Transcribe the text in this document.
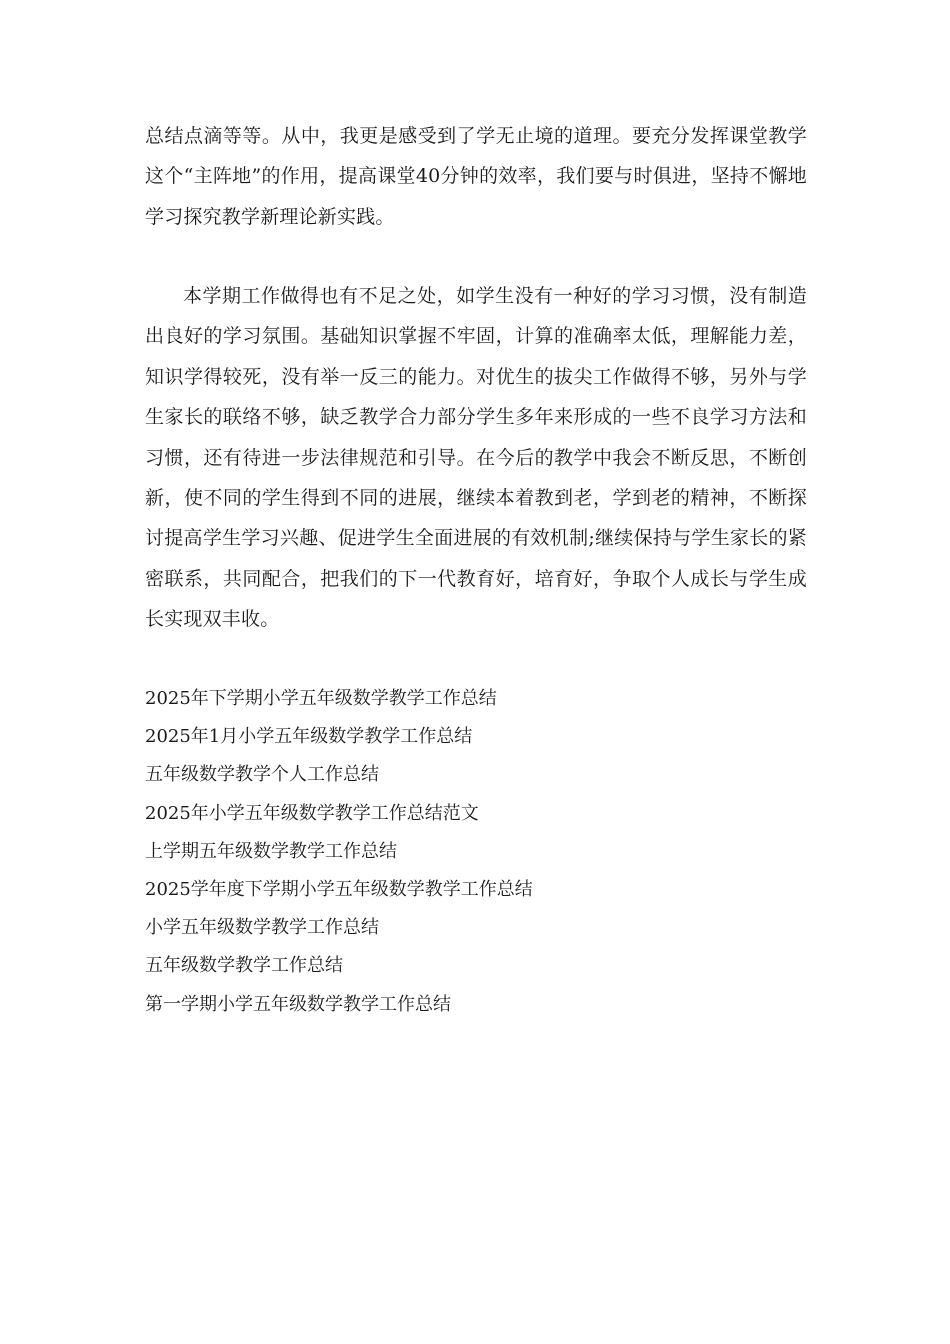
总结点滴等等。从中，我更是感受到了学无止境的道理。要充分发挥课堂教学这个“主阵地”的作用，提高课堂40分钟的效率，我们要与时俱进，坚持不懈地学习探究教学新理论新实践。

本学期工作做得也有不足之处，如学生没有一种好的学习习惯，没有制造出良好的学习氛围。基础知识掌握不牢固，计算的准确率太低，理解能力差，知识学得较死，没有举一反三的能力。对优生的拔尖工作做得不够，另外与学生家长的联络不够，缺乏教学合力部分学生多年来形成的一些不良学习方法和习惯，还有待进一步法律规范和引导。在今后的教学中我会不断反思，不断创新，使不同的学生得到不同的进展，继续本着教到老，学到老的精神，不断探讨提高学生学习兴趣、促进学生全面进展的有效机制;继续保持与学生家长的紧密联系，共同配合，把我们的下一代教育好，培育好，争取个人成长与学生成长实现双丰收。

2025年下学期小学五年级数学教学工作总结
2025年1月小学五年级数学教学工作总结
五年级数学教学个人工作总结
2025年小学五年级数学教学工作总结范文
上学期五年级数学教学工作总结
2025学年度下学期小学五年级数学教学工作总结
小学五年级数学教学工作总结
五年级数学教学工作总结
第一学期小学五年级数学教学工作总结
